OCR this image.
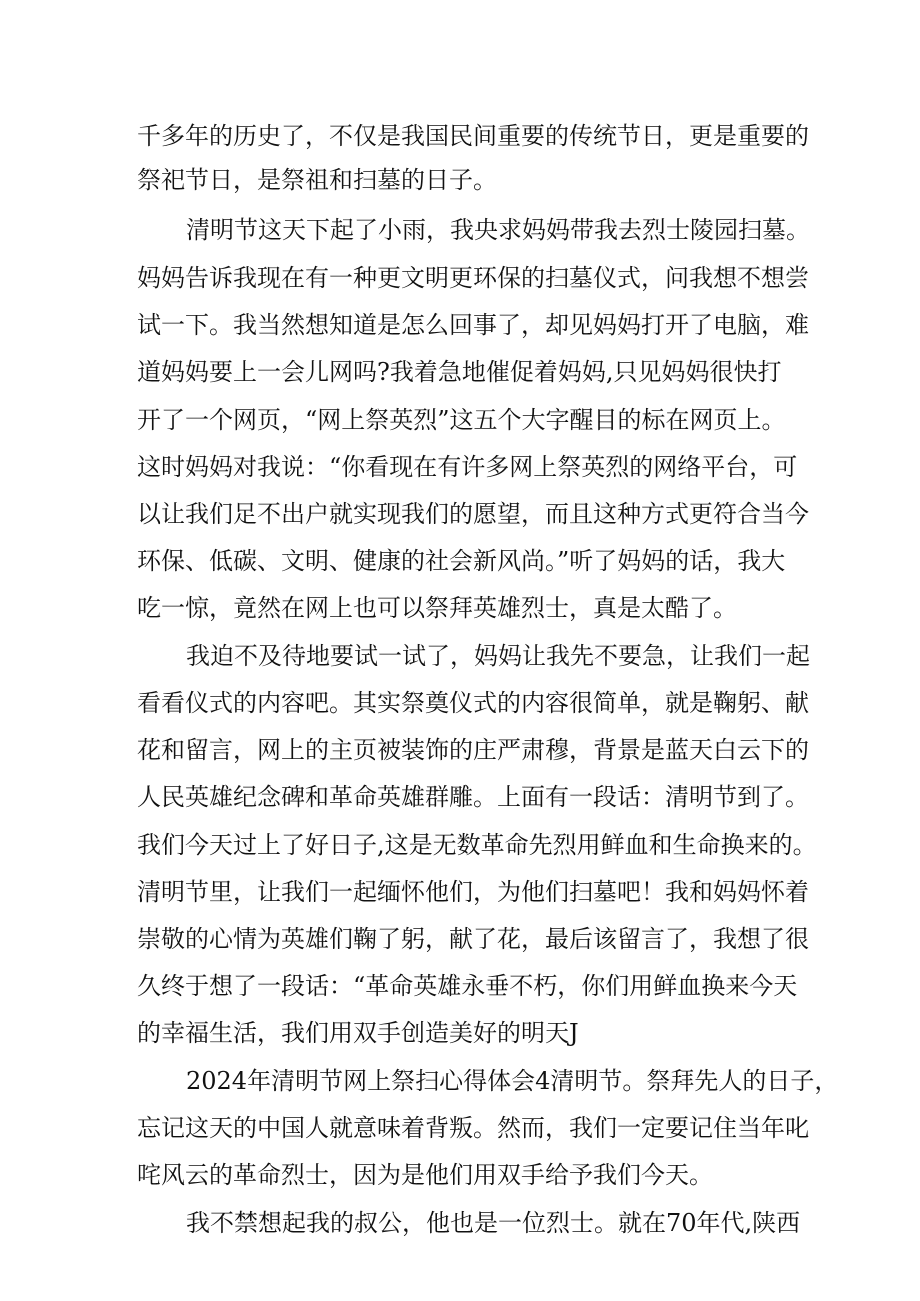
千多年的历史了，不仅是我国民间重要的传统节日，更是重要的
祭祀节日，是祭祖和扫墓的日子。
清明节这天下起了小雨，我央求妈妈带我去烈士陵园扫墓。
妈妈告诉我现在有一种更文明更环保的扫墓仪式，问我想不想尝
试一下。我当然想知道是怎么回事了，却见妈妈打开了电脑，难
道妈妈要上一会儿网吗?我着急地催促着妈妈,只见妈妈很快打
开了一个网页，“网上祭英烈”这五个大字醒目的标在网页上。
这时妈妈对我说：“你看现在有许多网上祭英烈的网络平台，可
以让我们足不出户就实现我们的愿望，而且这种方式更符合当今
环保、低碳、文明、健康的社会新风尚。”听了妈妈的话，我大
吃一惊，竟然在网上也可以祭拜英雄烈士，真是太酷了。
我迫不及待地要试一试了，妈妈让我先不要急，让我们一起
看看仪式的内容吧。其实祭奠仪式的内容很简单，就是鞠躬、献
花和留言，网上的主页被装饰的庄严肃穆，背景是蓝天白云下的
人民英雄纪念碑和革命英雄群雕。上面有一段话：清明节到了。
我们今天过上了好日子,这是无数革命先烈用鲜血和生命换来的。
清明节里，让我们一起缅怀他们，为他们扫墓吧！我和妈妈怀着
崇敬的心情为英雄们鞠了躬，献了花，最后该留言了，我想了很
久终于想了一段话：“革命英雄永垂不朽，你们用鲜血换来今天
的幸福生活，我们用双手创造美好的明天J
2024年清明节网上祭扫心得体会4清明节。祭拜先人的日子，
忘记这天的中国人就意味着背叛。然而，我们一定要记住当年叱
咤风云的革命烈士，因为是他们用双手给予我们今天。
我不禁想起我的叔公，他也是一位烈士。就在70年代,陕西
